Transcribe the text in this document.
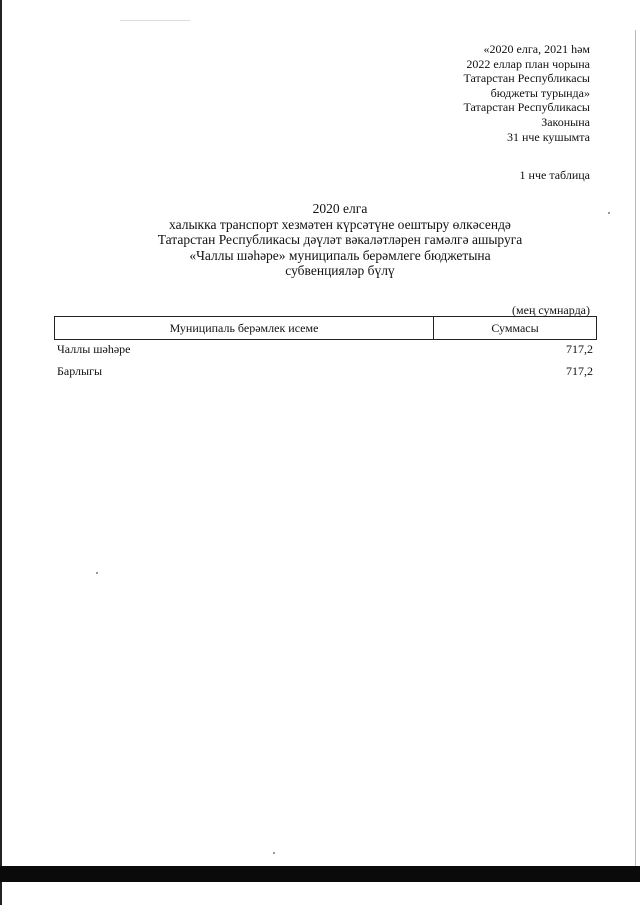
«2020 елга, 2021 һәм
2022 еллар план чорына
Татарстан Республикасы
бюджеты турында»
Татарстан Республикасы
Законына
31 нче кушымта
1 нче таблица
2020 елга
халыкка транспорт хезмәтен күрсәтүне оештыру өлкәсендә
Татарстан Республикасы дәүләт вәкаләтләрен гамәлгә ашыруга
«Чаллы шәһәре» муниципаль берәмлеге бюджетына
субвенцияләр бүлү
(мең сумнарда)
Муниципаль берәмлек исеме	Суммасы
Чаллы шәһәре	717,2
Барлыгы	717,2
